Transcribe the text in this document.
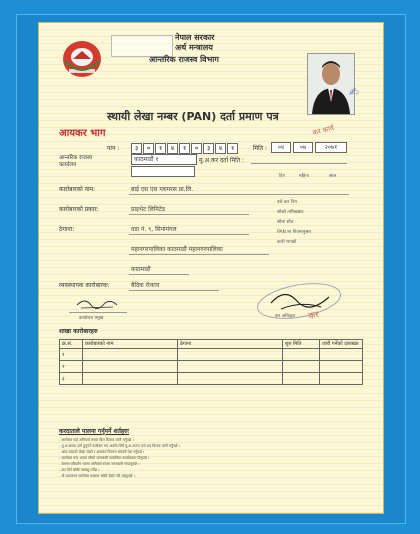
नेपाल सरकार
अर्थ मन्त्रालय
आन्तरिक राजस्व विभाग
✍
स्थायी लेखा नम्बर (PAN) दर्ता प्रमाण पत्र
आयकर भाग	कर कार्य
पान :	३	०	१	४	१	०	३	४	१	मिति :	०४	०७	२०७१
आन्तरिक राजस्व कार्यालय
काठमाडौं १	मु.अ.कर दर्ता मिति :
दिन	महिना	साल
कारोबारको नाम:	बाई एस एस ग्लामरस प्रा.लि.
कारोबारको प्रकार:	प्राइभेट लिमिटेड
बारे कर निय
सोको तारिखबाट
सोमा सोत
PAN मा नियमानुसार
कारी भएको
ठेगाना:	वडा नं. ९, सिनामंगल
महानगरपालिका काठमाडौं महानगरपालिका
काठमाडौं
व्यवस्थापक कारोबारक:	बैदिक रोकाय
कार्यालय प्रमुख	कर
कर अधिकृत
शाखा कारोबारहरु
क्र.सं.	कारोबारको नाम	ठेगाना	शुरु मिति	जारी गर्नेको दस्तखत
१				
२				
३				
करदाताले पालना गर्नुपर्ने शर्तहरुः
- कारोबार गर्दा अनिवार्य रुपमा बिल बिजक जारी गर्नुपर्छ ।
- मु.अ.करमा दर्ता हुनुपर्ने कारोबार भए अवधि भित्रै मु.अ.करमा दर्ता भइ बिजक जारी गर्नुपर्छ ।
- आय-ब्ययको लेखा राख्ने र आयकर विवरण समयमै पेश गर्नुपर्छ ।
- कारोबार बन्द भएमा सोको जानकारी सम्बन्धित कार्यालयमा दिनुपर्छ ।
- ठेगाना परिवर्तन भएमा अनिवार्य रुपमा जानकारी गराउनुपर्छ ।
- कर तिर्न बाँकी नराख्नु पर्नेछ ।
- यो प्रमाणपत्र कारोबार स्थलमा सबैले देख्ने गरी राख्नुपर्छ ।
